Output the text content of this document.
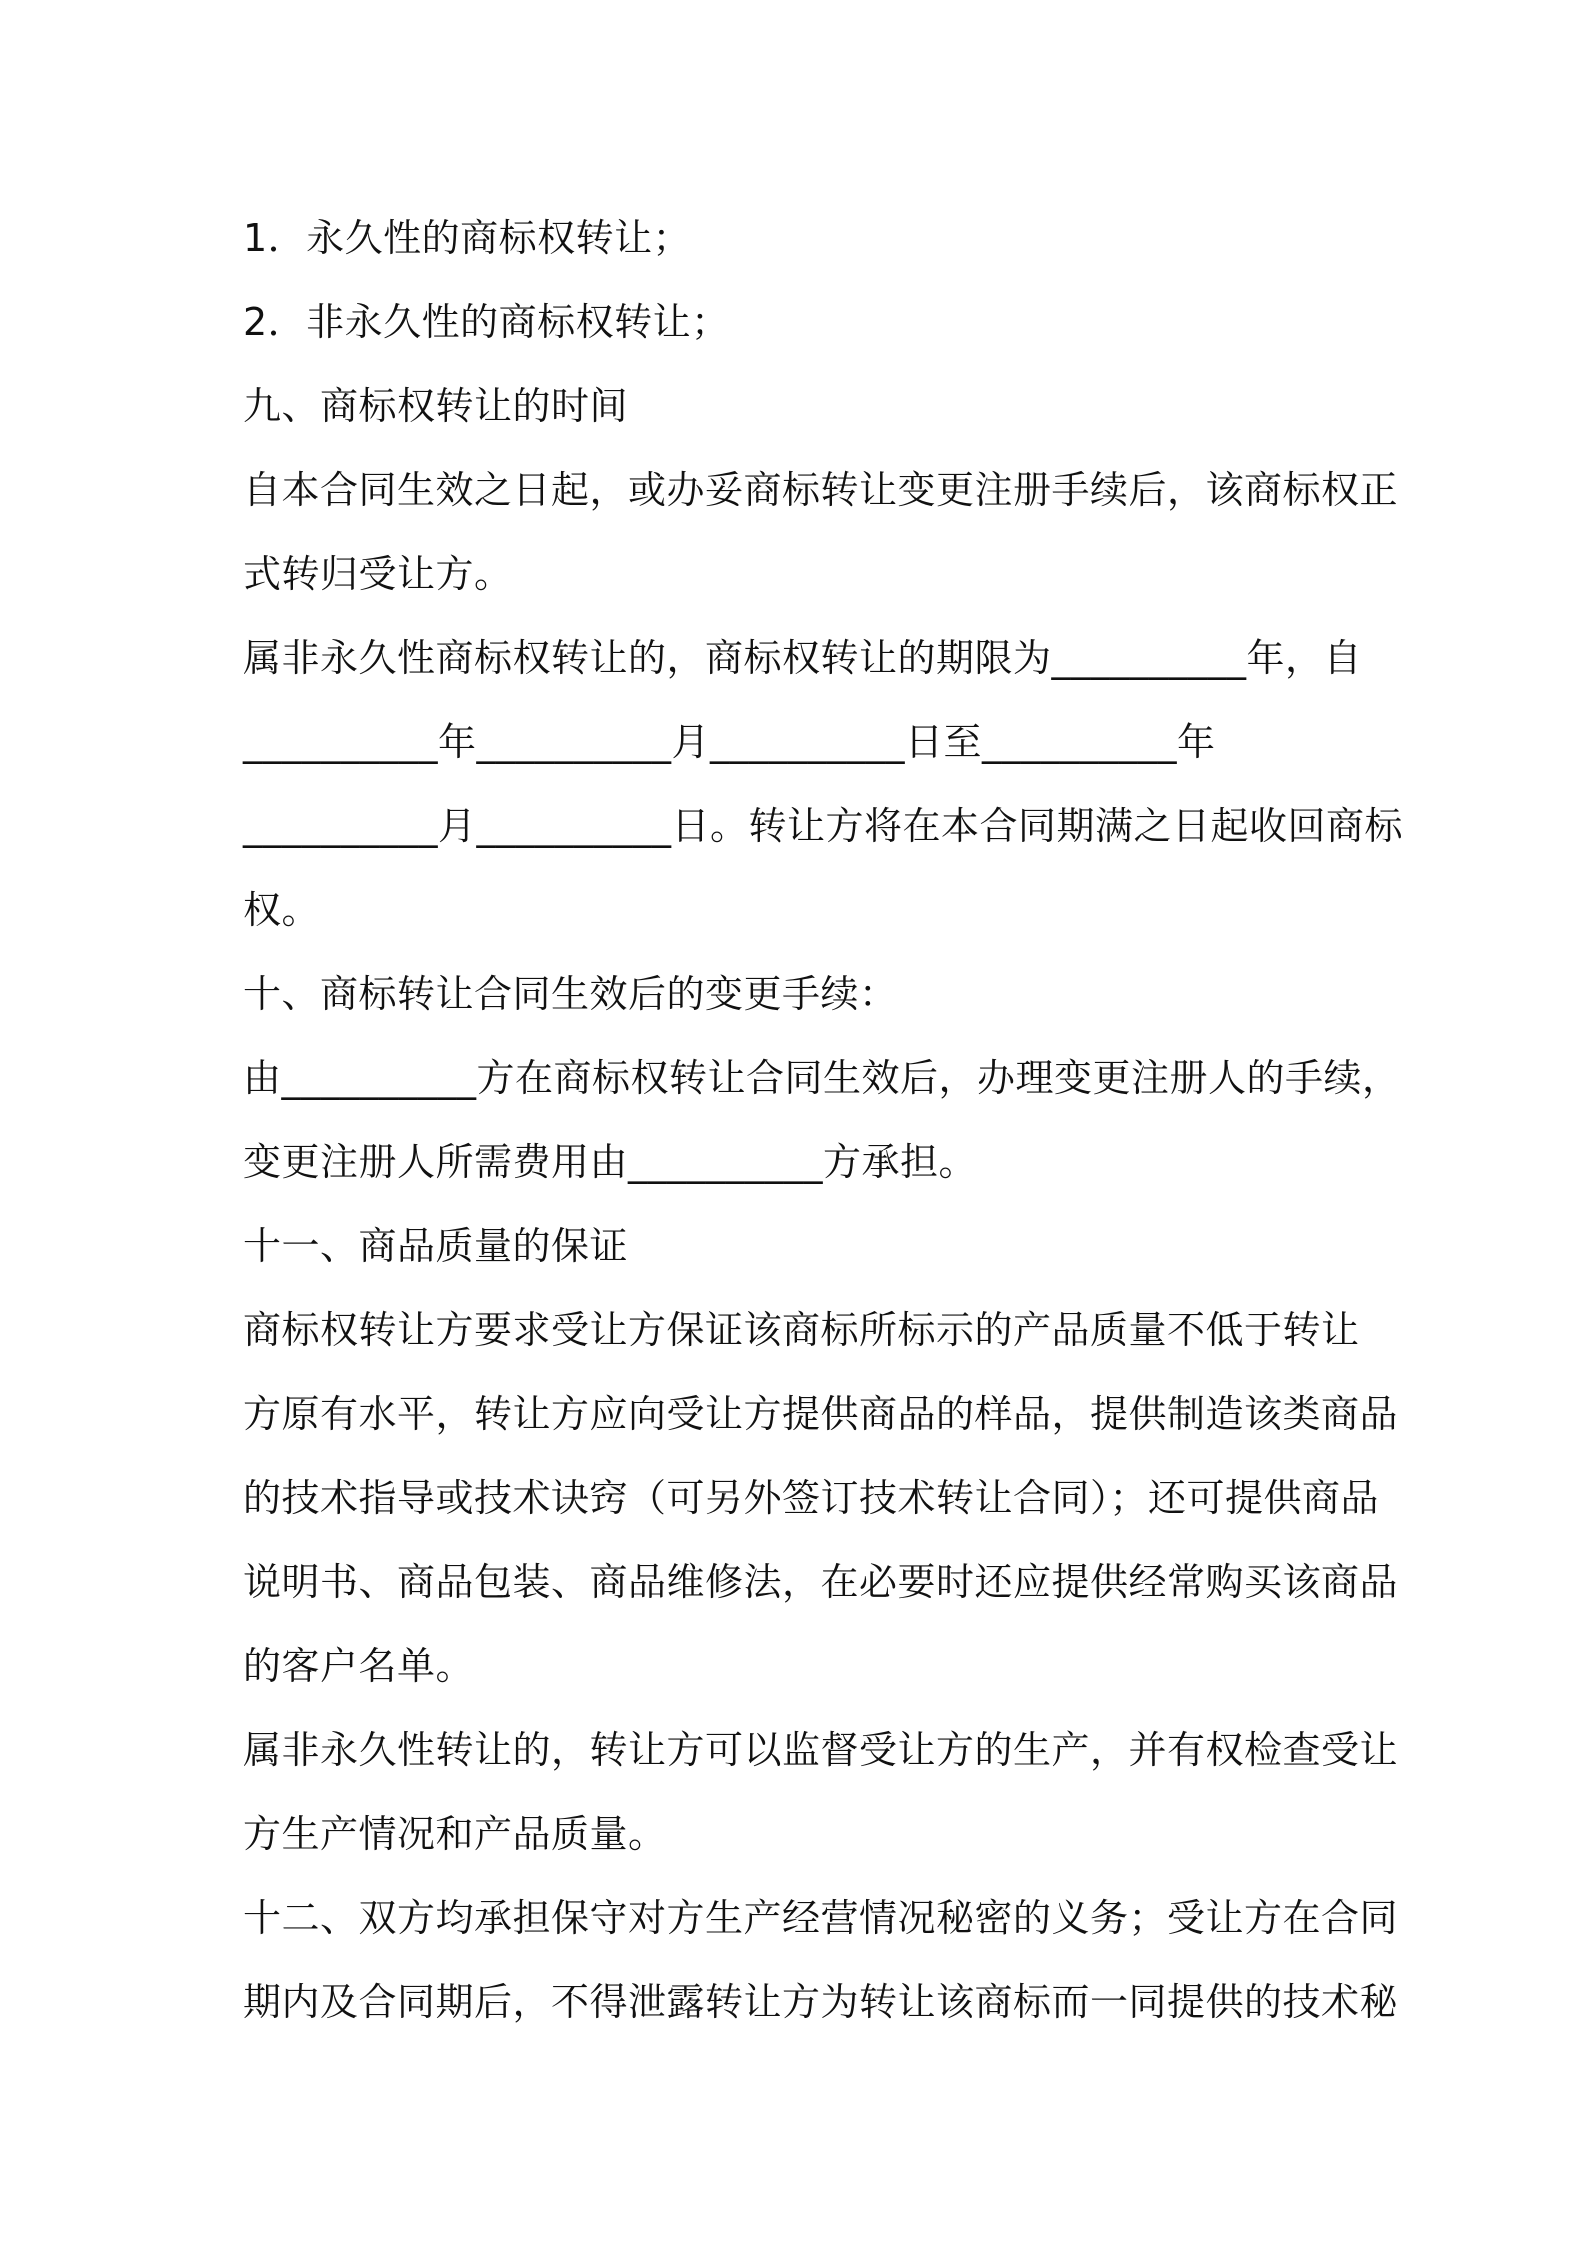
1．永久性的商标权转让；
2．非永久性的商标权转让；
九、商标权转让的时间
自本合同生效之日起，或办妥商标转让变更注册手续后，该商标权正
式转归受让方。
属非永久性商标权转让的，商标权转让的期限为__________年，自
__________年__________月__________日至__________年
__________月__________日。转让方将在本合同期满之日起收回商标
权。
十、商标转让合同生效后的变更手续：
由__________方在商标权转让合同生效后，办理变更注册人的手续，
变更注册人所需费用由__________方承担。
十一、商品质量的保证
商标权转让方要求受让方保证该商标所标示的产品质量不低于转让
方原有水平，转让方应向受让方提供商品的样品，提供制造该类商品
的技术指导或技术诀窍（可另外签订技术转让合同）；还可提供商品
说明书、商品包装、商品维修法，在必要时还应提供经常购买该商品
的客户名单。
属非永久性转让的，转让方可以监督受让方的生产，并有权检查受让
方生产情况和产品质量。
十二、双方均承担保守对方生产经营情况秘密的义务；受让方在合同
期内及合同期后，不得泄露转让方为转让该商标而一同提供的技术秘
